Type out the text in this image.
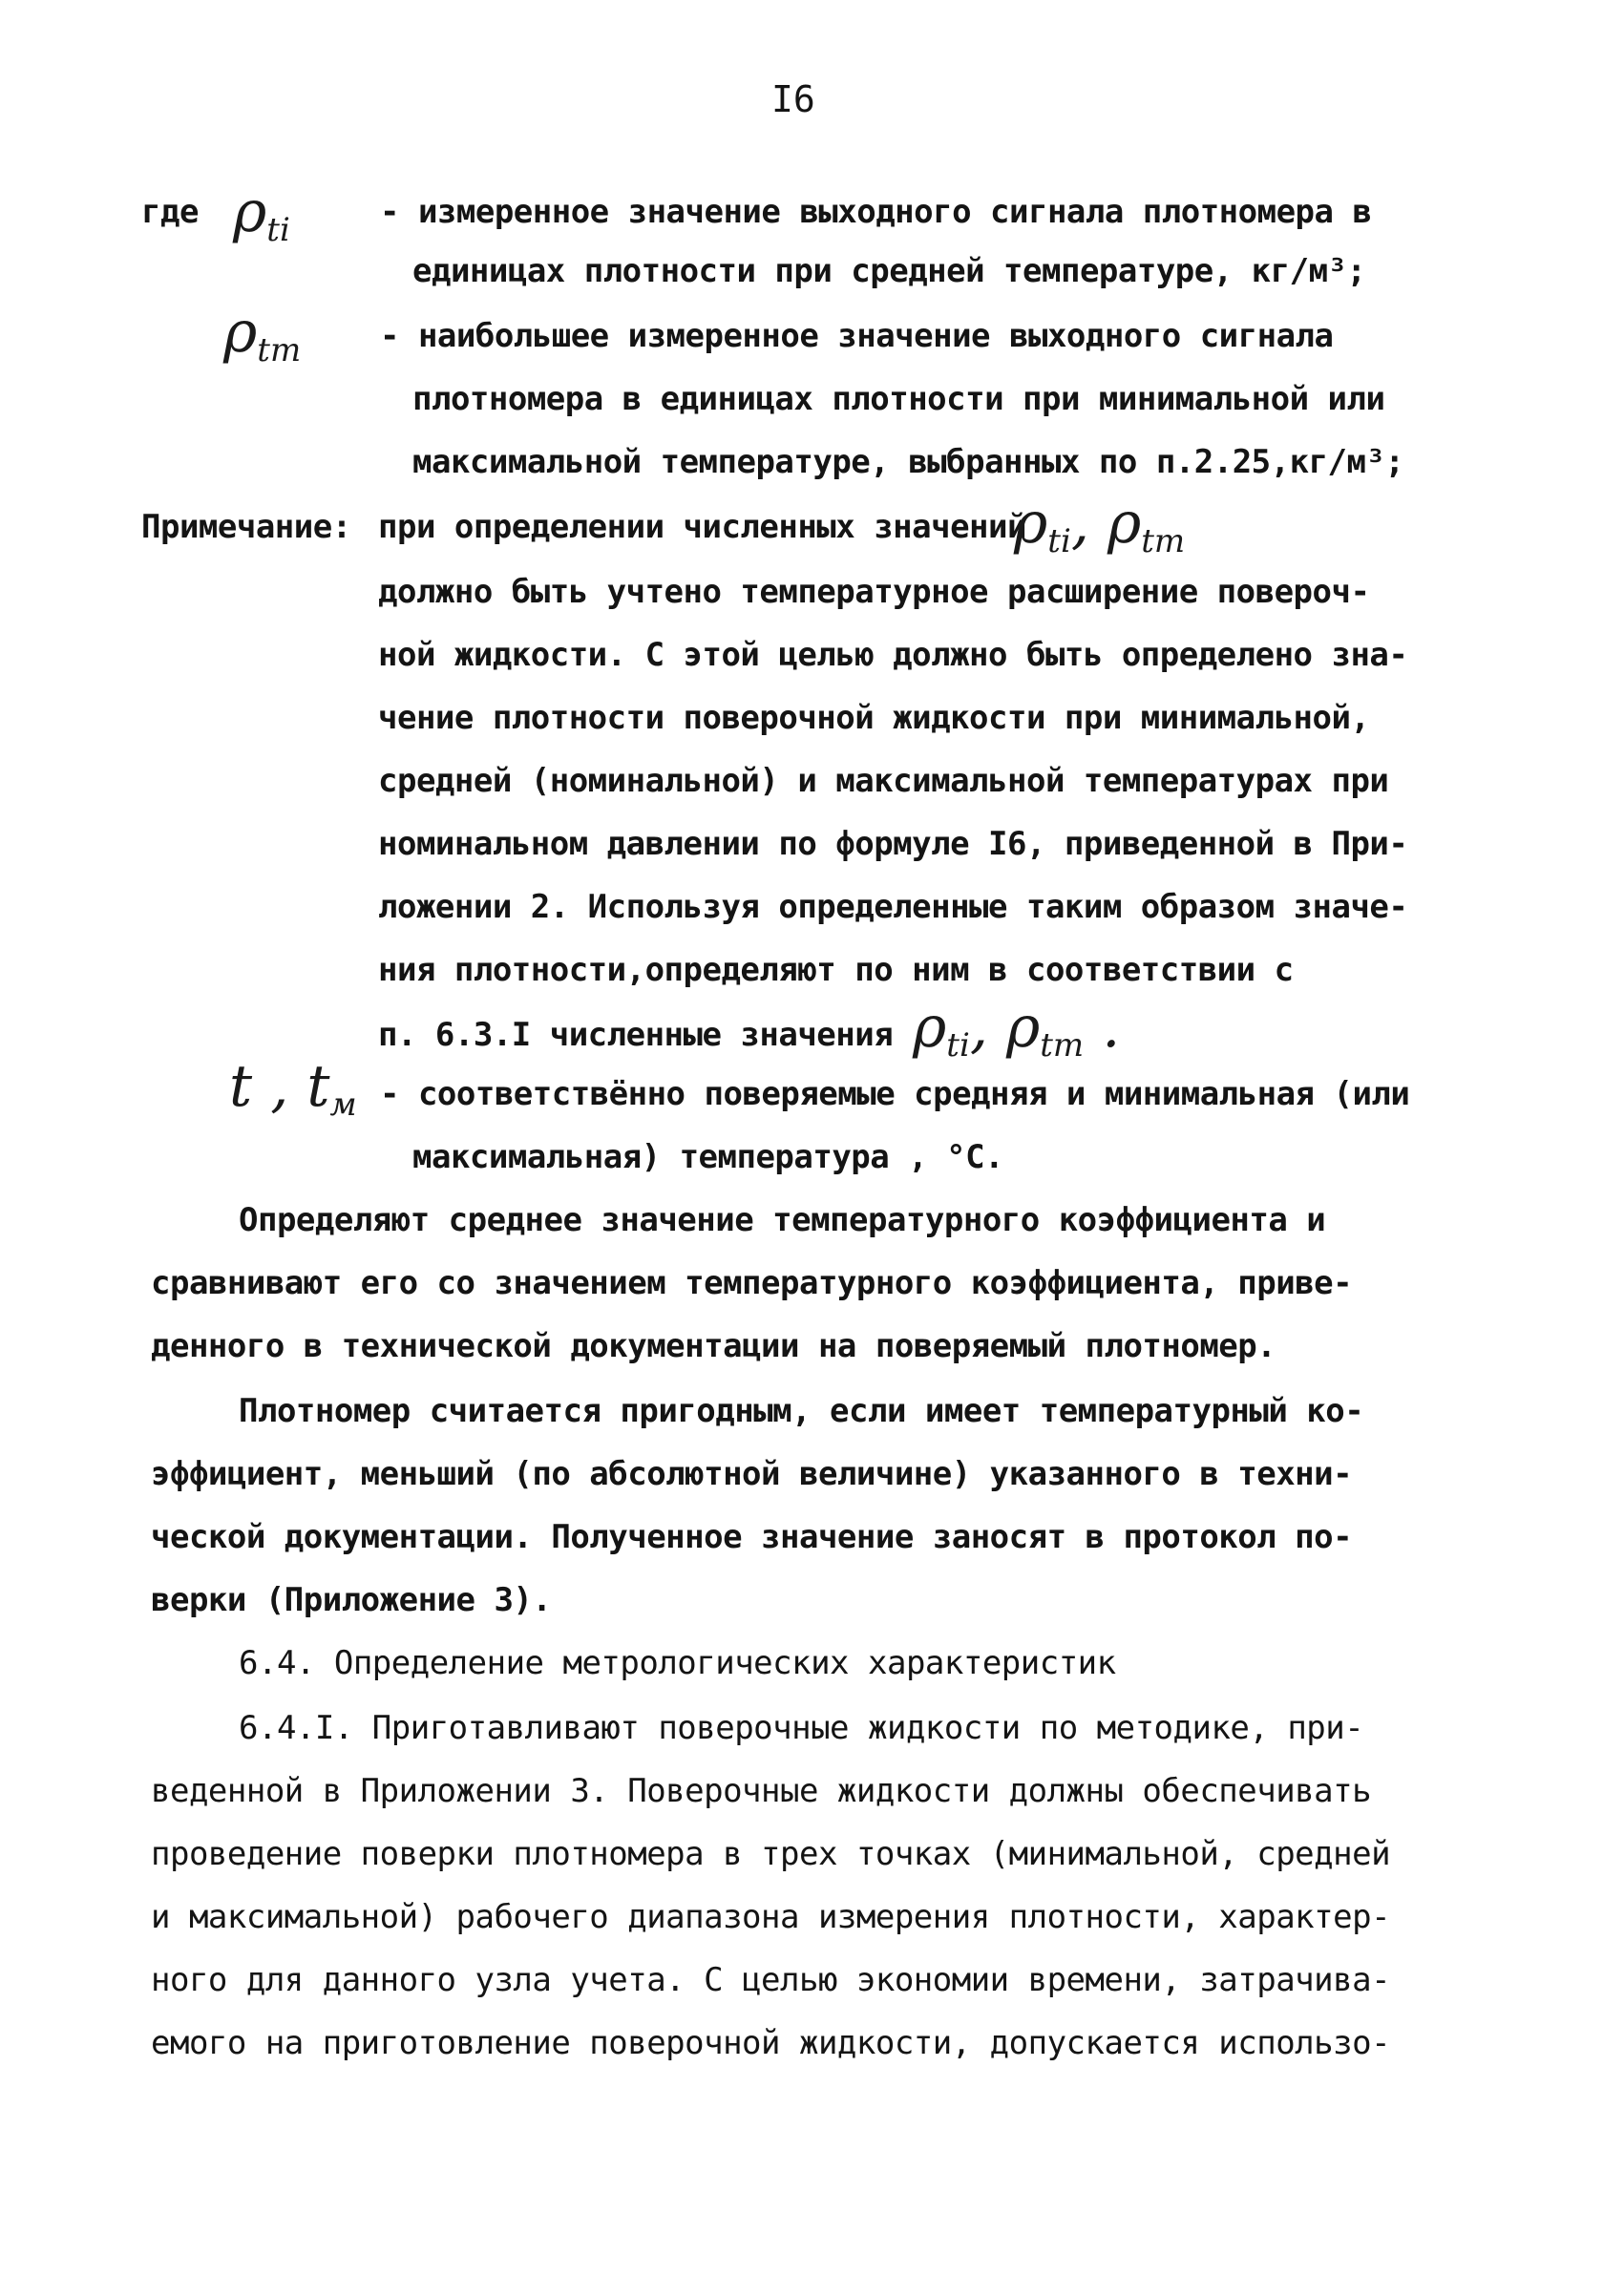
I6
где $\rho_{ti}$	- измеренное значение выходного сигнала плотномера в
единицах плотности при средней температуре, кг/м³;
$\rho_{tm}$ - наибольшее измеренное значение выходного сигнала
плотномера в единицах плотности при минимальной или
максимальной температуре, выбранных по п.2.25,кг/м³;
Примечание: при определении численных значений
$\rho_{ti}$, $\rho_{tm}$
должно быть учтено температурное расширение повероч-
ной жидкости. С этой целью должно быть определено зна-
чение плотности поверочной жидкости при минимальной,
средней (номинальной) и максимальной температурах при
номинальном давлении по формуле I6, приведенной в При-
ложении 2. Используя определенные таким образом значе-
ния плотности,определяют по ним в соответствии с
п. 6.3.I численные значения $\rho_{ti}$, $\rho_{tm}$ .
t , $t_м$ - соответствённо поверяемые средняя и минимальная (или
максимальная) температура , °С.
Определяют среднее значение температурного коэффициента и
сравнивают его со значением температурного коэффициента, приве-
денного в технической документации на поверяемый плотномер.
Плотномер считается пригодным, если имеет температурный ко-
эффициент, меньший (по абсолютной величине) указанного в техни-
ческой документации. Полученное значение заносят в протокол по-
верки (Приложение 3).
6.4. Определение метрологических характеристик
6.4.I. Приготавливают поверочные жидкости по методике, при-
веденной в Приложении 3. Поверочные жидкости должны обеспечивать
проведение поверки плотномера в трех точках (минимальной, средней
и максимальной) рабочего диапазона измерения плотности, характер-
ного для данного узла учета. С целью экономии времени, затрачива-
емого на приготовление поверочной жидкости, допускается использо-
